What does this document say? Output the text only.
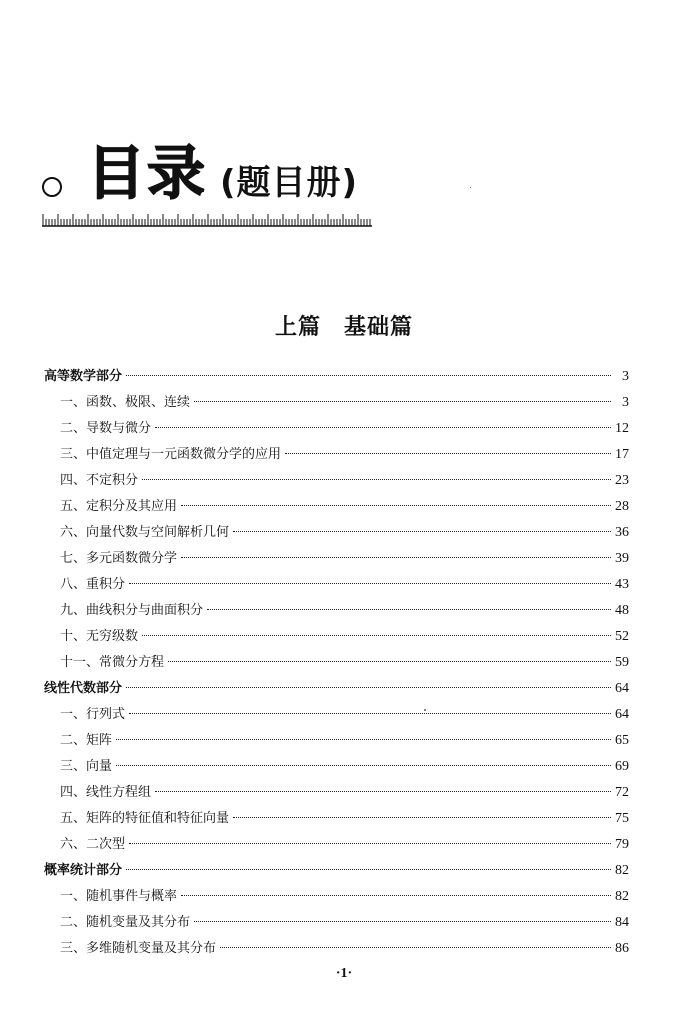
目录 (题目册)
上篇　基础篇
高等数学部分	3
一、函数、极限、连续	3
二、导数与微分	12
三、中值定理与一元函数微分学的应用	17
四、不定积分	23
五、定积分及其应用	28
六、向量代数与空间解析几何	36
七、多元函数微分学	39
八、重积分	43
九、曲线积分与曲面积分	48
十、无穷级数	52
十一、常微分方程	59
线性代数部分	64
一、行列式	64
二、矩阵	65
三、向量	69
四、线性方程组	72
五、矩阵的特征值和特征向量	75
六、二次型	79
概率统计部分	82
一、随机事件与概率	82
二、随机变量及其分布	84
三、多维随机变量及其分布	86
·1·
